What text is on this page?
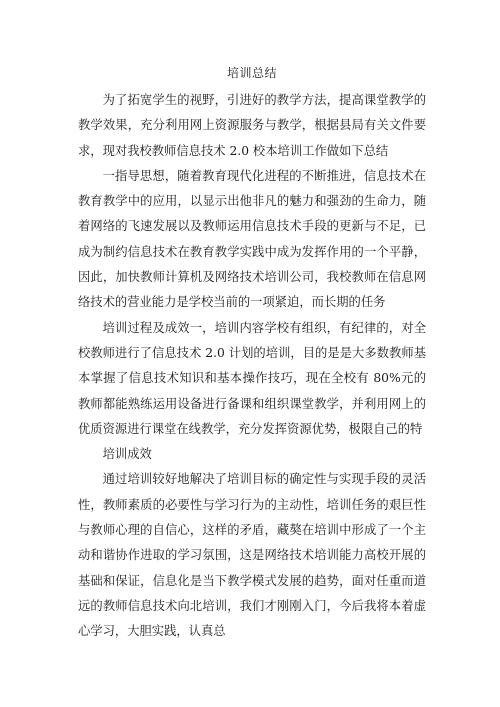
培训总结

为了拓宽学生的视野，引进好的教学方法，提高课堂教学的教学效果，充分利用网上资源服务与教学，根据县局有关文件要求，现对我校教师信息技术 2.0 校本培训工作做如下总结

一指导思想，随着教育现代化进程的不断推进，信息技术在教育教学中的应用，以显示出他非凡的魅力和强劲的生命力，随着网络的飞速发展以及教师运用信息技术手段的更新与不足，已成为制约信息技术在教育教学实践中成为发挥作用的一个平静，因此，加快教师计算机及网络技术培训公司，我校教师在信息网络技术的营业能力是学校当前的一项紧迫，而长期的任务

培训过程及成效一，培训内容学校有组织，有纪律的，对全校教师进行了信息技术 2.0 计划的培训，目的是是大多数教师基本掌握了信息技术知识和基本操作技巧，现在全校有 80%元的教师都能熟练运用设备进行备课和组织课堂教学，并利用网上的优质资源进行课堂在线教学，充分发挥资源优势，极限自己的特

培训成效

通过培训较好地解决了培训目标的确定性与实现手段的灵活性，教师素质的必要性与学习行为的主动性，培训任务的艰巨性与教师心理的自信心，这样的矛盾，藏獒在培训中形成了一个主动和谐协作进取的学习氛围，这是网络技术培训能力高校开展的基础和保证，信息化是当下教学模式发展的趋势，面对任重而道远的教师信息技术向北培训，我们才刚刚入门，今后我将本着虚心学习，大胆实践，认真总
